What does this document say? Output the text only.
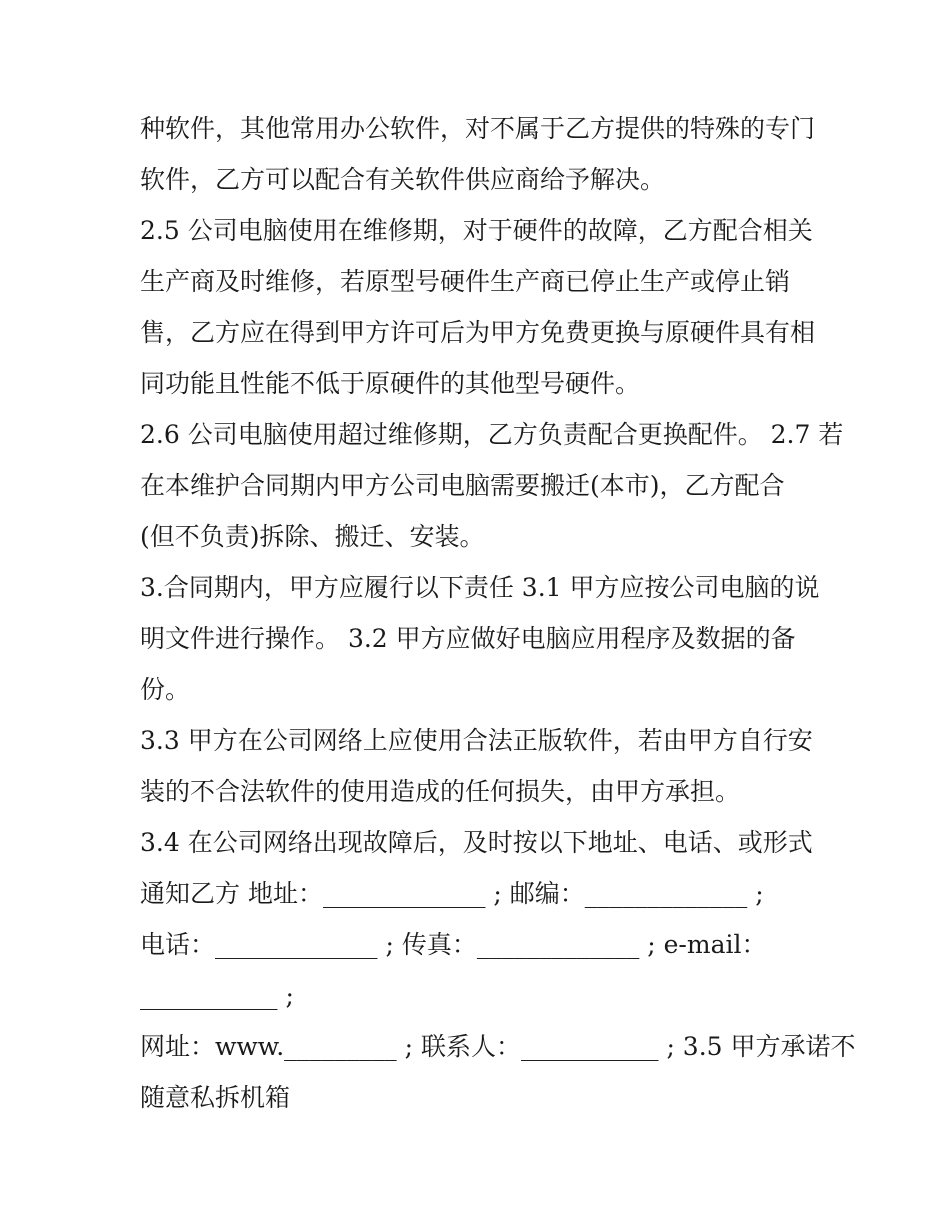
种软件，其他常用办公软件，对不属于乙方提供的特殊的专门
软件，乙方可以配合有关软件供应商给予解决。
2.5 公司电脑使用在维修期，对于硬件的故障，乙方配合相关
生产商及时维修，若原型号硬件生产商已停止生产或停止销
售，乙方应在得到甲方许可后为甲方免费更换与原硬件具有相
同功能且性能不低于原硬件的其他型号硬件。
2.6 公司电脑使用超过维修期，乙方负责配合更换配件。 2.7 若
在本维护合同期内甲方公司电脑需要搬迁(本市)，乙方配合
(但不负责)拆除、搬迁、安装。
3.合同期内，甲方应履行以下责任 3.1 甲方应按公司电脑的说
明文件进行操作。 3.2 甲方应做好电脑应用程序及数据的备
份。
3.3 甲方在公司网络上应使用合法正版软件，若由甲方自行安
装的不合法软件的使用造成的任何损失，由甲方承担。
3.4 在公司网络出现故障后，及时按以下地址、电话、或形式
通知乙方 地址：_____________ ; 邮编：_____________ ;
电话：_____________ ; 传真：_____________ ; e-mail：
___________ ;
网址：www._________ ; 联系人：___________ ; 3.5 甲方承诺不
随意私拆机箱
